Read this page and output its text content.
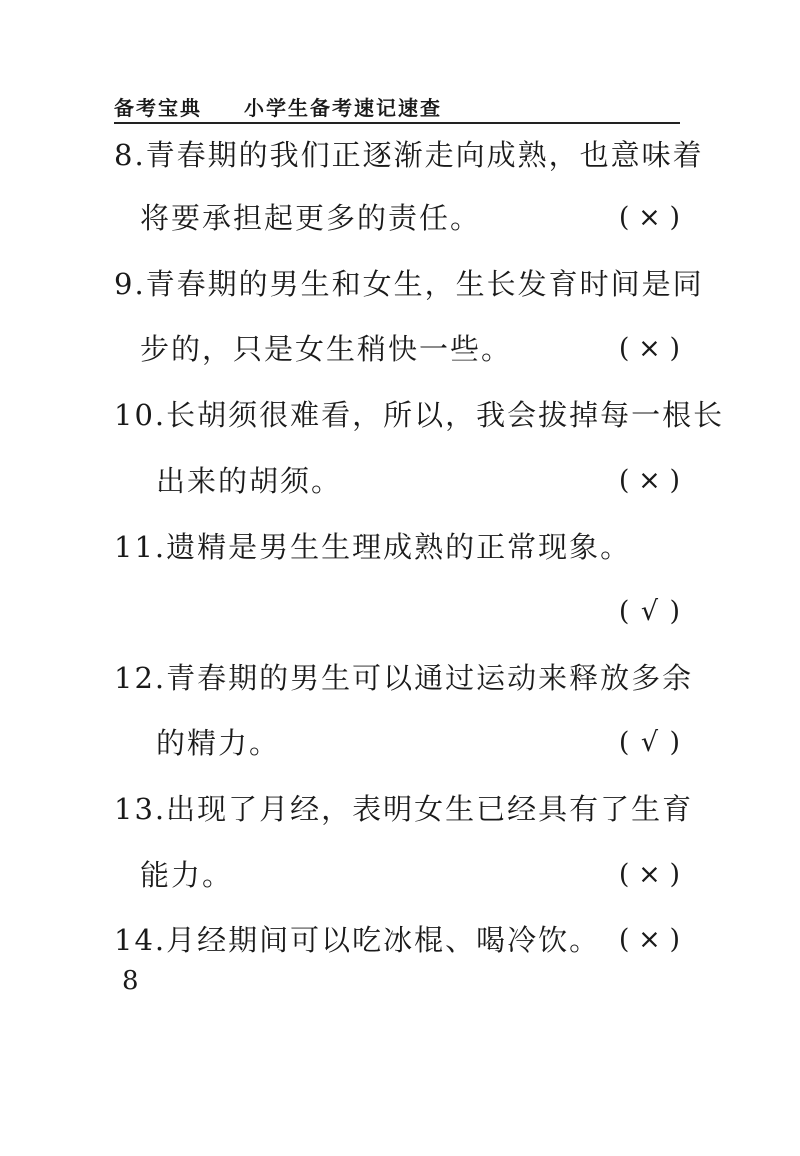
备考宝典 小学生备考速记速查
8.青春期的我们正逐渐走向成熟，也意味着
将要承担起更多的责任。	( × )
9.青春期的男生和女生，生长发育时间是同
步的，只是女生稍快一些。	( × )
10.长胡须很难看，所以，我会拔掉每一根长
出来的胡须。	( × )
11.遗精是男生生理成熟的正常现象。
( √ )
12.青春期的男生可以通过运动来释放多余
的精力。	( √ )
13.出现了月经，表明女生已经具有了生育
能力。	( × )
14.月经期间可以吃冰棍、喝冷饮。 ( × )
8
